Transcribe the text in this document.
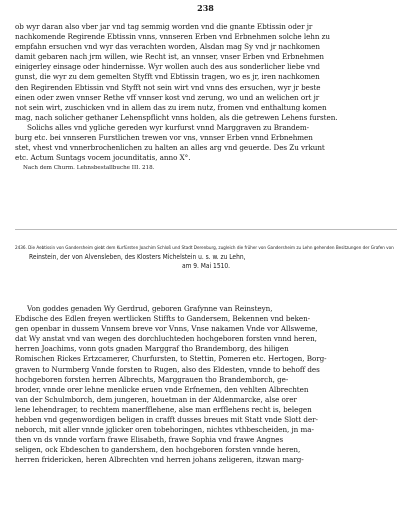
238
ob wyr daran also vber jar vnd tag semmig worden vnd die gnante Ebtissin oder jr
nachkomende Regirende Ebtissin vnns, vnnseren Erben vnd Erbnehmen solche lehn zu
empfahn ersuchen vnd wyr das verachten worden, Alsdan mag Sy vnd jr nachkomen
damit gebaren nach jrm willen, wie Recht ist, an vnnser, vnser Erben vnd Erbnehmen
einigerley einsage oder hindernisse. Wyr wollen auch des aus sonderlicher liebe vnd
gunst, die wyr zu dem gemelten Styfft vnd Ebtissin tragen, wo es jr, iren nachkomen
den Regirenden Ebtissin vnd Styfft not sein wirt vnd vnns des ersuchen, wyr jr beste
einen oder zwen vnnser Rethe vff vnnser kost vnd zerung, wo und an welichen ort jr
not sein wirt, zuschicken vnd in allem das zu irem nutz, fromen vnd enthaltung komen
mag, nach solicher gethaner Lehenspflicht vnns holden, als die getrewen Lehens fursten.
Solichs alles vnd ygliche gereden wyr kurfurst vnnd Marggraven zu Brandem-
burg etc. bei vnnseren Furstlichen trewen vor vns, vnnser Erben vnnd Erbnehmen
stet, vhest vnd vnnerbrochenlichen zu halten an alles arg vnd geuerde. Des Zu vrkunt
etc. Actum Suntags vocem jocunditatis, anno X°.
Nach dem Churm. Lehnsbestallbuche III. 218.
2436. Die Aebtissin von Gandersheim giebt dem Kurfürsten Joachim Schloß und Stadt Derenburg, zugleich die früher von Gandersheim zu Lehn gehenden Besitzungen der Grafen von
Reinstein, der von Alvensleben, des Klosters Michelstein u. s. w. zu Lehn,
am 9. Mai 1510.
Von goddes genaden Wy Gerdrud, geboren Grafynne van Reinsteyn,
Ebdische des Edlen freyen wertlicken Stiffts to Gandersem, Bekennen vnd beken-
gen openbar in dussem Vnnsem breve vor Vnns, Vnse nakamen Vnde vor Allsweme,
dat Wy anstat vnd van wegen des dorchluchteden hochgeboren forsten vnnd heren,
herren Joachims, vonn gots gnaden Marggraf tho Brandemborg, des hiligen
Romischen Rickes Ertzcamerer, Churfursten, to Stettin, Pomeren etc. Hertogen, Borg-
graven to Nurmberg Vnnde forsten to Rugen, also des Eldesten, vnnde to behoff des
hochgeboren forsten herren Albrechts, Marggrauen tho Brandemborch, ge-
broder, vnnde orer lehne menlicke eruen vnde Erfnemen, den vehlten Albrechten
van der Schulmborch, dem jungeren, houetman in der Aldenmarcke, alse orer
lene lehendrager, to rechtem manerfflehene, alse man erfflehens recht is, belegen
hebben vnd gegenwordigen beligen in crafft dusses breues mit Statt vnde Slott der-
neborch, mit aller vnnde jglicker oren tobehoringen, nichtes vthbescheiden, jn ma-
then vn ds vnnde vorfarn frawe Elisabeth, frawe Sophia vnd frawe Angnes
seligen, ock Ebdeschen to gandershem, den hochgeboren forsten vnnde heren,
herren fridericken, heren Albrechten vnd herren johans zeligeren, itzwan marg-
